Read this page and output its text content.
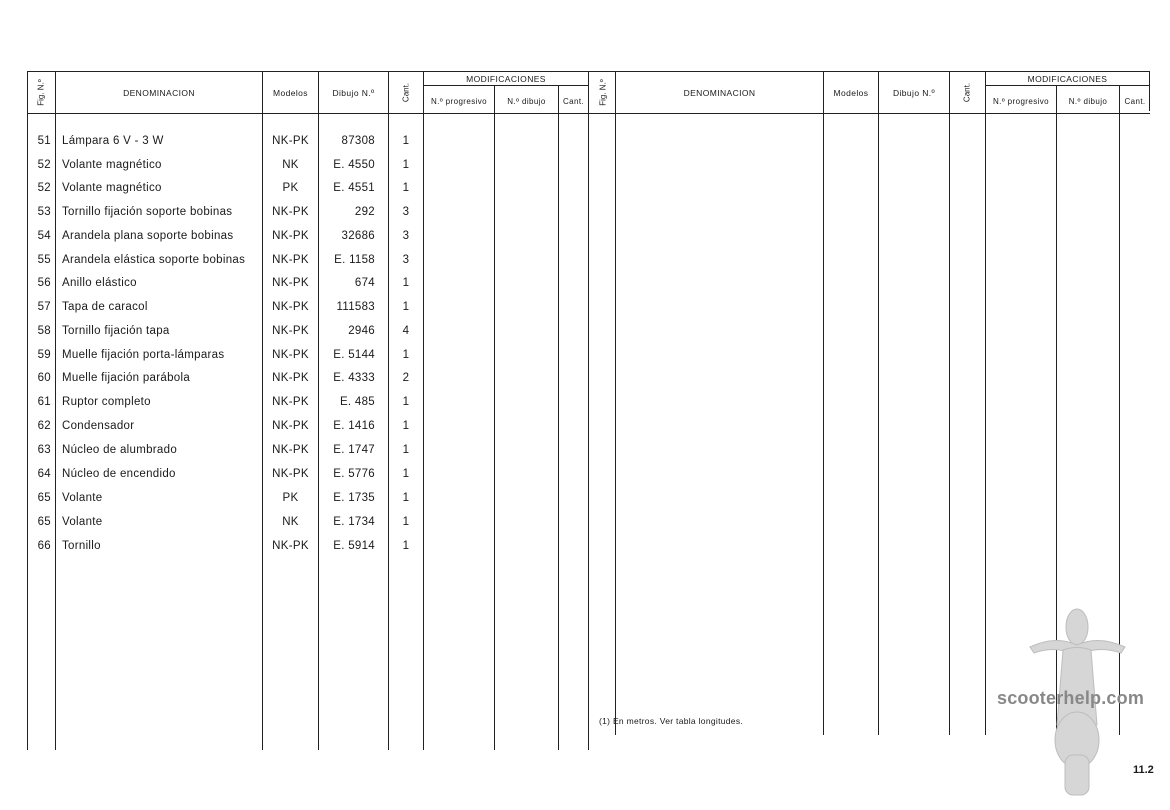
Fig. N.º	DENOMINACION	Modelos	Dibujo N.º	Cant.
MODIFICACIONES
N.º progresivo	N.º dibujo	Cant.
51 Lámpara 6 V - 3 W	NK-PK	87308	1
52 Volante magnético	NK	E. 4550	1
52 Volante magnético	PK	E. 4551	1
53 Tornillo fijación soporte bobinas	NK-PK	292	3
54 Arandela plana soporte bobinas	NK-PK	32686	3
55 Arandela elástica soporte bobinas	NK-PK	E. 1158	3
56 Anillo elástico	NK-PK	674	1
57 Tapa de caracol	NK-PK	111583	1
58 Tornillo fijación tapa	NK-PK	2946	4
59 Muelle fijación porta-lámparas	NK-PK	E. 5144	1
60 Muelle fijación parábola	NK-PK	E. 4333	2
61 Ruptor completo	NK-PK	E. 485	1
62 Condensador	NK-PK	E. 1416	1
63 Núcleo de alumbrado	NK-PK	E. 1747	1
64 Núcleo de encendido	NK-PK	E. 5776	1
65 Volante	PK	E. 1735	1
65 Volante	NK	E. 1734	1
66 Tornillo	NK-PK	E. 5914	1
Fig. N.º	DENOMINACION	Modelos	Dibujo N.º	Cant.
MODIFICACIONES
N.º progresivo	N.º dibujo	Cant.
(1) En metros. Ver tabla longitudes.
scooterhelp.com
11.2
